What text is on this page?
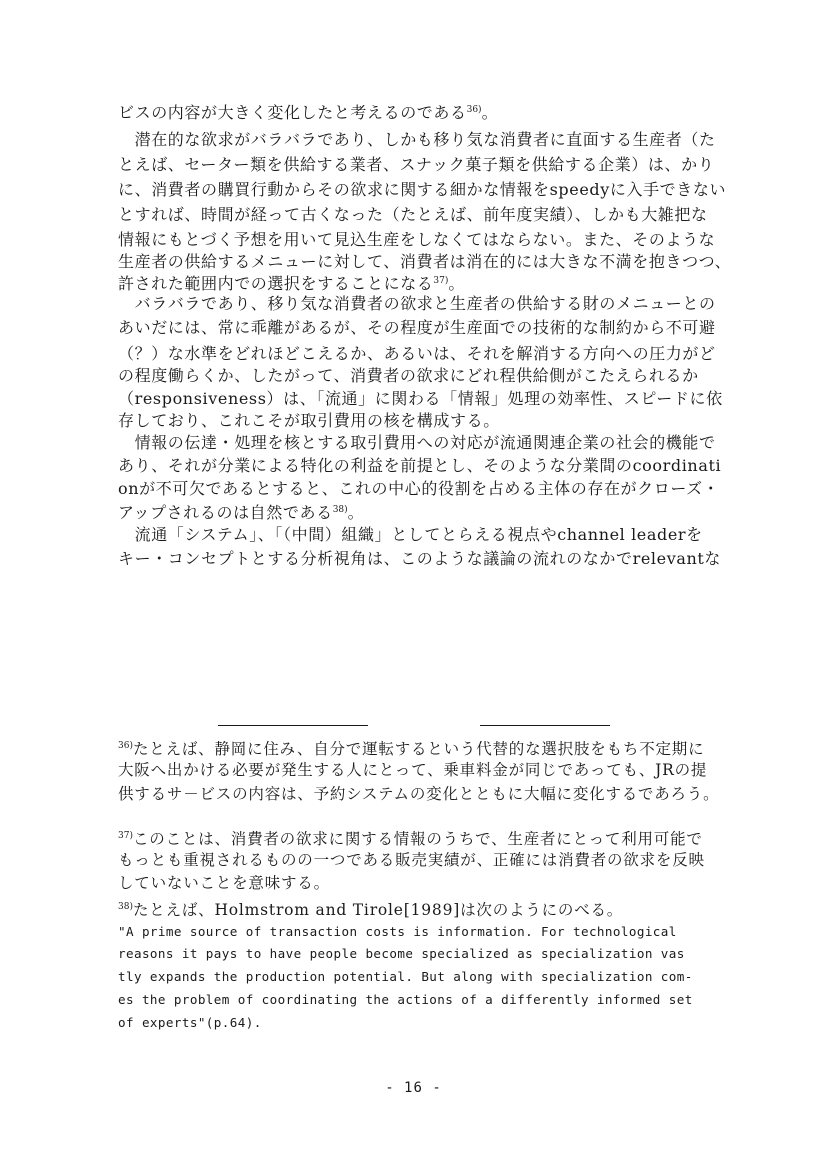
ビスの内容が大きく変化したと考えるのである$^{36)}$。
　潜在的な欲求がバラバラであり、しかも移り気な消費者に直面する生産者（た
とえば、セーター類を供給する業者、スナック菓子類を供給する企業）は、かり
に、消費者の購買行動からその欲求に関する細かな情報をspeedyに入手できない
とすれば、時間が経って古くなった（たとえば、前年度実績）、しかも大雑把な
情報にもとづく予想を用いて見込生産をしなくてはならない。また、そのような
生産者の供給するメニューに対して、消費者は消在的には大きな不満を抱きつつ、
許された範囲内での選択をすることになる$^{37)}$。
　バラバラであり、移り気な消費者の欲求と生産者の供給する財のメニューとの
あいだには、常に乖離があるが、その程度が生産面での技術的な制約から不可避
（？）な水準をどれほどこえるか、あるいは、それを解消する方向への圧力がど
の程度働らくか、したがって、消費者の欲求にどれ程供給側がこたえられるか
（responsiveness）は、「流通」に関わる「情報」処理の効率性、スピードに依
存しており、これこそが取引費用の核を構成する。
　情報の伝達・処理を核とする取引費用への対応が流通関連企業の社会的機能で
あり、それが分業による特化の利益を前提とし、そのような分業間のcoordinati
onが不可欠であるとすると、これの中心的役割を占める主体の存在がクローズ・
アップされるのは自然である$^{38)}$。
　流通「システム」、「（中間）組織」としてとらえる視点やchannel leaderを
キー・コンセプトとする分析視角は、このような議論の流れのなかでrelevantな
$^{36)}$たとえば、静岡に住み、自分で運転するという代替的な選択肢をもち不定期に
大阪へ出かける必要が発生する人にとって、乗車料金が同じであっても、JRの提
供するサ－ビスの内容は、予約システムの変化とともに大幅に変化するであろう。
$^{37)}$このことは、消費者の欲求に関する情報のうちで、生産者にとって利用可能で
もっとも重視されるものの一つである販売実績が、正確には消費者の欲求を反映
していないことを意味する。
$^{38)}$たとえば、Holmstrom and Tirole[1989]は次のようにのべる。
"A prime source of transaction costs is information. For technological
reasons it pays to have people become specialized as specialization vas
tly expands the production potential. But along with specialization com-
es the problem of coordinating the actions of a differently informed set
of experts"(p.64).
- 16 -
